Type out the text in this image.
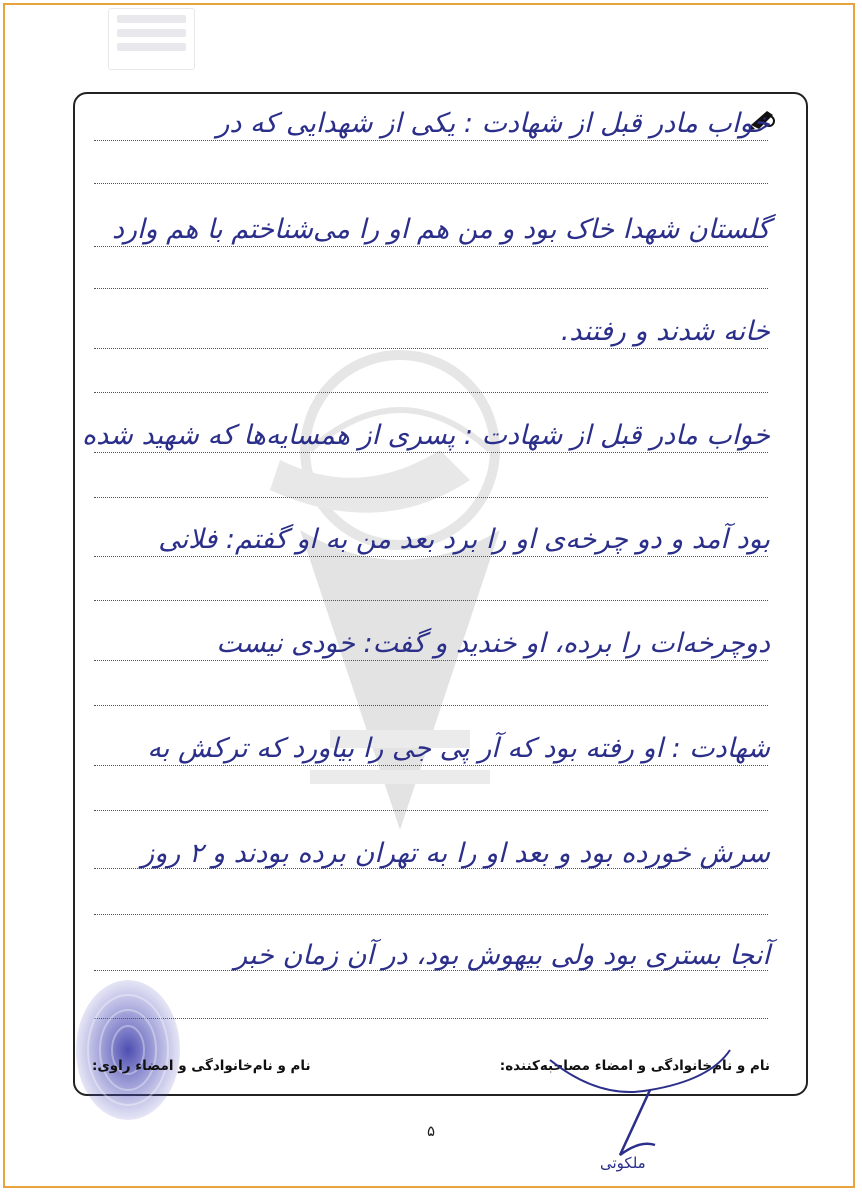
خواب مادر قبل از شهادت : یکی از شهدایی که در
گلستان شهدا خاک بود و من هم او را می‌شناختم با هم وارد
خانه شدند و رفتند.
خواب مادر قبل از شهادت : پسری از همسایه‌ها که شهید شده
بود آمد و دو چرخه‌ی او را برد بعد من به او گفتم: فلانی
دوچرخه‌ات را برده، او خندید و گفت: خودی نیست
شهادت : او رفته بود که آر پی جی را بیاورد که ترکش به
سرش خورده بود و بعد او را به تهران برده بودند و ۲ روز
آنجا بستری بود ولی بیهوش بود، در آن زمان خبر
نام و نام‌خانوادگی و امضاء مصاحبه‌کننده:
نام و نام‌خانوادگی و امضاء راوی:
ملکوتی
۵
